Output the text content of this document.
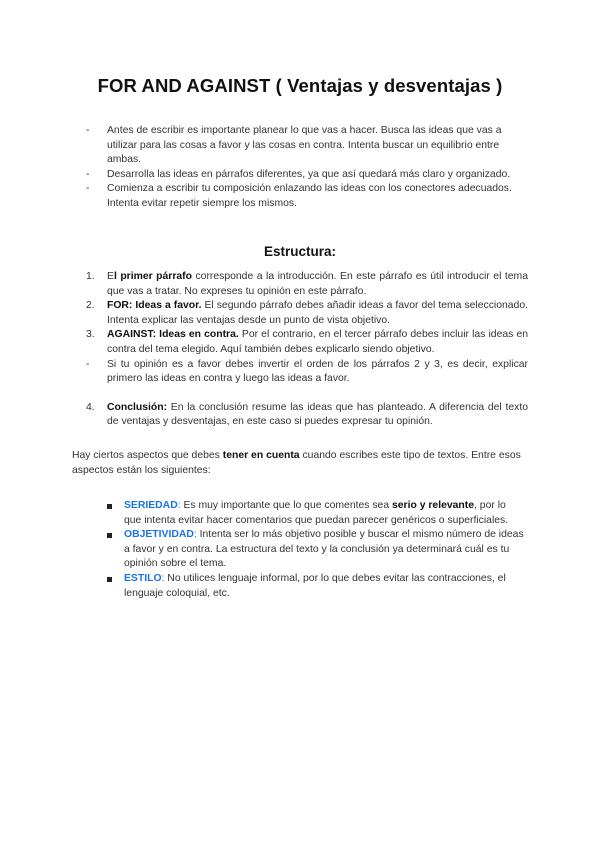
FOR AND AGAINST ( Ventajas y desventajas )
- Antes de escribir es importante planear lo que vas a hacer. Busca las ideas que vas a utilizar para las cosas a favor y las cosas en contra. Intenta buscar un equilibrio entre ambas.
- Desarrolla las ideas en párrafos diferentes, ya que así quedará más claro y organizado.
- Comienza a escribir tu composición enlazando las ideas con los conectores adecuados. Intenta evitar repetir siempre los mismos.
Estructura:
1. El primer párrafo corresponde a la introducción. En este párrafo es útil introducir el tema que vas a tratar. No expreses tu opinión en este párrafo.
2. FOR: Ideas a favor. El segundo párrafo debes añadir ideas a favor del tema seleccionado. Intenta explicar las ventajas desde un punto de vista objetivo.
3. AGAINST: Ideas en contra. Por el contrario, en el tercer párrafo debes incluir las ideas en contra del tema elegido. Aquí también debes explicarlo siendo objetivo.
- Si tu opinión es a favor debes invertir el orden de los párrafos 2 y 3, es decir, explicar primero las ideas en contra y luego las ideas a favor.
4. Conclusión: En la conclusión resume las ideas que has planteado. A diferencia del texto de ventajas y desventajas, en este caso si puedes expresar tu opinión.

Hay ciertos aspectos que debes tener en cuenta cuando escribes este tipo de textos. Entre esos aspectos están los siguientes:

SERIEDAD: Es muy importante que lo que comentes sea serio y relevante, por lo que intenta evitar hacer comentarios que puedan parecer genéricos o superficiales.
OBJETIVIDAD: Intenta ser lo más objetivo posible y buscar el mismo número de ideas a favor y en contra. La estructura del texto y la conclusión ya determinará cuál es tu opinión sobre el tema.
ESTILO: No utilices lenguaje informal, por lo que debes evitar las contracciones, el lenguaje coloquial, etc.
